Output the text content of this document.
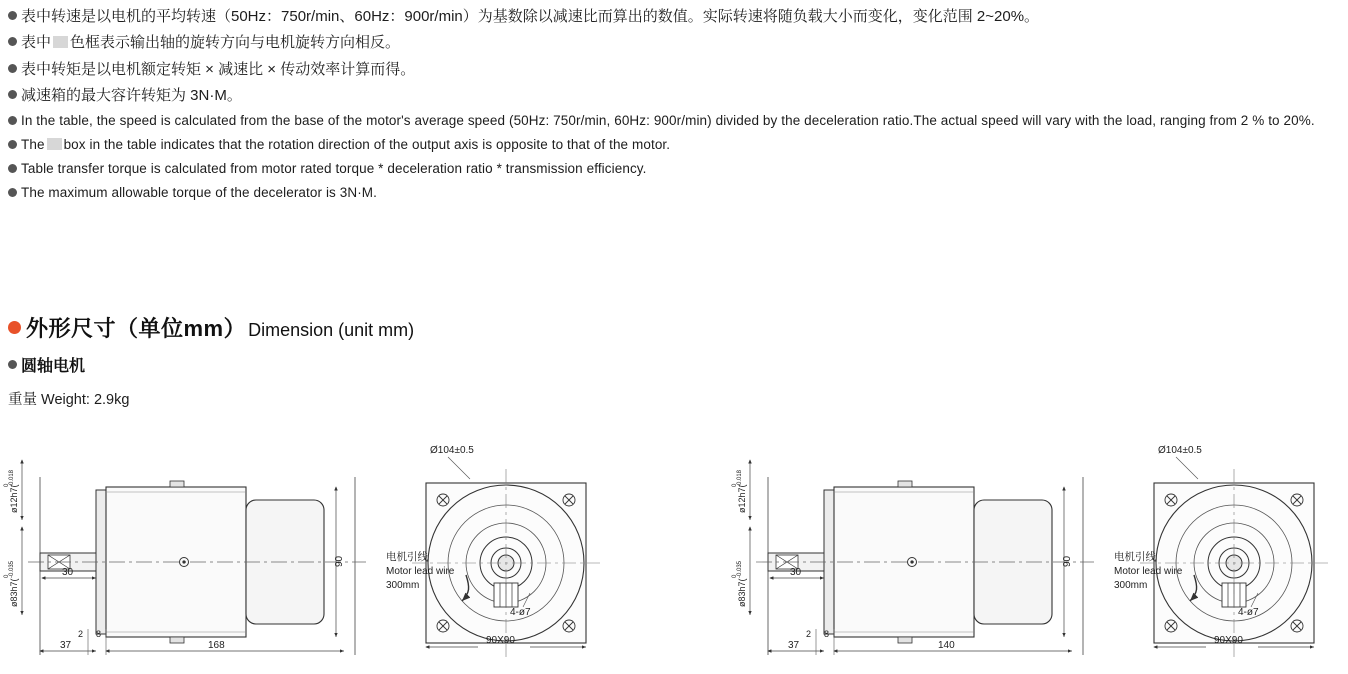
表中转速是以电机的平均转速（50Hz：750r/min、60Hz：900r/min）为基数除以减速比而算出的数值。实际转速将随负载大小而变化，变化范围 2~20%。
表中 色框表示输出轴的旋转方向与电机旋转方向相反。
表中转矩是以电机额定转矩 × 减速比 × 传动效率计算而得。
减速箱的最大容许转矩为 3N·M。
In the table, the speed is calculated from the base of the motor's average speed (50Hz: 750r/min, 60Hz: 900r/min) divided by the deceleration ratio.The actual speed will vary with the load, ranging from 2 % to 20%.
The box in the table indicates that the rotation direction of the output axis is opposite to that of the motor.
Table transfer torque is calculated from motor rated torque * deceleration ratio * transmission efficiency.
The maximum allowable torque of the decelerator is 3N·M.
外形尺寸（单位mm） Dimension (unit mm)
圆轴电机
重量 Weight: 2.9kg
ø12h7(
0 -0.018
ø83h7(
0 -0.035	30
90
37	168
2 8
Ø104±0.5
电机引线
Motor lead wire
300mm
4-ø7
90X90
ø12h7(
0 -0.018
ø83h7(
0 -0.035	30
90
37	140
2 8
Ø104±0.5
电机引线
Motor lead wire
300mm
4-ø7
90X90
